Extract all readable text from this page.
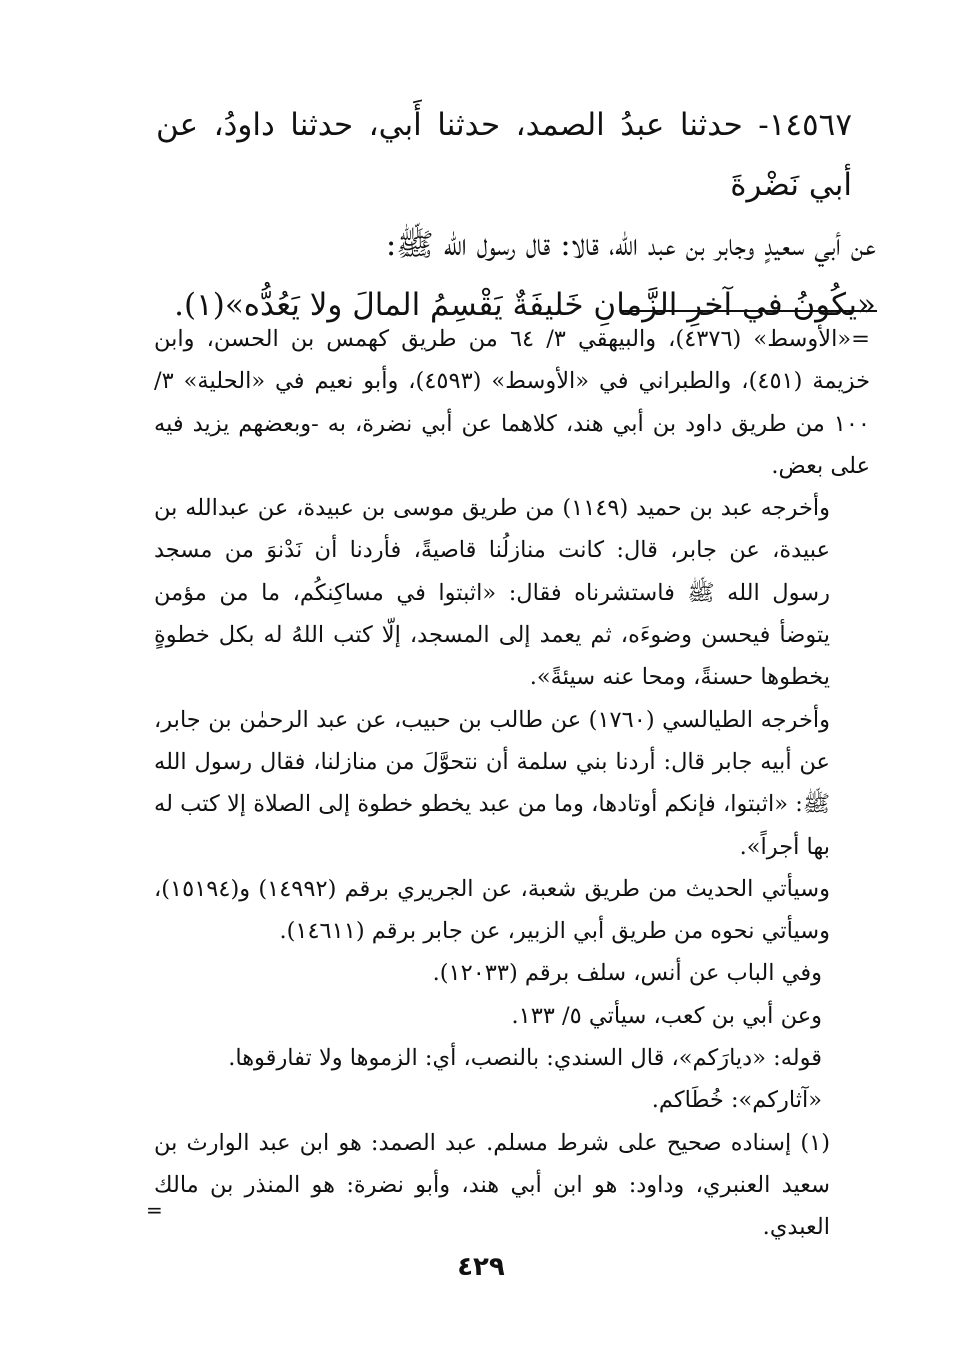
١٤٥٦٧- حدثنا عبدُ الصمد، حدثنا أَبي، حدثنا داودُ، عن أبي نَضْرةَ

عن أبي سعيدٍ وجابر بن عبد الله، قالا: قال رسول الله ﷺ:

«يكُونُ في آخرِ الزَّمانِ خَليفَةٌ يَقْسِمُ المالَ ولا يَعُدُّه»(١).

=«الأوسط» (٤٣٧٦)، والبيهقي ٣/ ٦٤ من طريق كهمس بن الحسن، وابن خزيمة (٤٥١)، والطبراني في «الأوسط» (٤٥٩٣)، وأبو نعيم في «الحلية» ٣/ ١٠٠ من طريق داود بن أبي هند، كلاهما عن أبي نضرة، به -وبعضهم يزيد فيه على بعض.

وأخرجه عبد بن حميد (١١٤٩) من طريق موسى بن عبيدة، عن عبدالله بن عبيدة، عن جابر، قال: كانت منازلُنا قاصيةً، فأردنا أن نَدْنوَ من مسجد رسول الله ﷺ فاستشرناه فقال: «اثبتوا في مساكِنكُم، ما من مؤمن يتوضأ فيحسن وضوءَه، ثم يعمد إلى المسجد، إلّا كتب اللهُ له بكل خطوةٍ يخطوها حسنةً، ومحا عنه سيئةً».

وأخرجه الطيالسي (١٧٦٠) عن طالب بن حبيب، عن عبد الرحمٰن بن جابر، عن أبيه جابر قال: أردنا بني سلمة أن نتحوَّلَ من منازلنا، فقال رسول الله ﷺ: «اثبتوا، فإنكم أوتادها، وما من عبد يخطو خطوة إلى الصلاة إلا كتب له بها أجراً».

وسيأتي الحديث من طريق شعبة، عن الجريري برقم (١٤٩٩٢) و(١٥١٩٤)، وسيأتي نحوه من طريق أبي الزبير، عن جابر برقم (١٤٦١١).

وفي الباب عن أنس، سلف برقم (١٢٠٣٣).

وعن أبي بن كعب، سيأتي ٥/ ١٣٣.

قوله: «ديارَكم»، قال السندي: بالنصب، أي: الزموها ولا تفارقوها.

«آثاركم»: خُطَاكم.

(١) إسناده صحيح على شرط مسلم. عبد الصمد: هو ابن عبد الوارث بن سعيد العنبري، وداود: هو ابن أبي هند، وأبو نضرة: هو المنذر بن مالك العبدي.

=
٤٢٩
